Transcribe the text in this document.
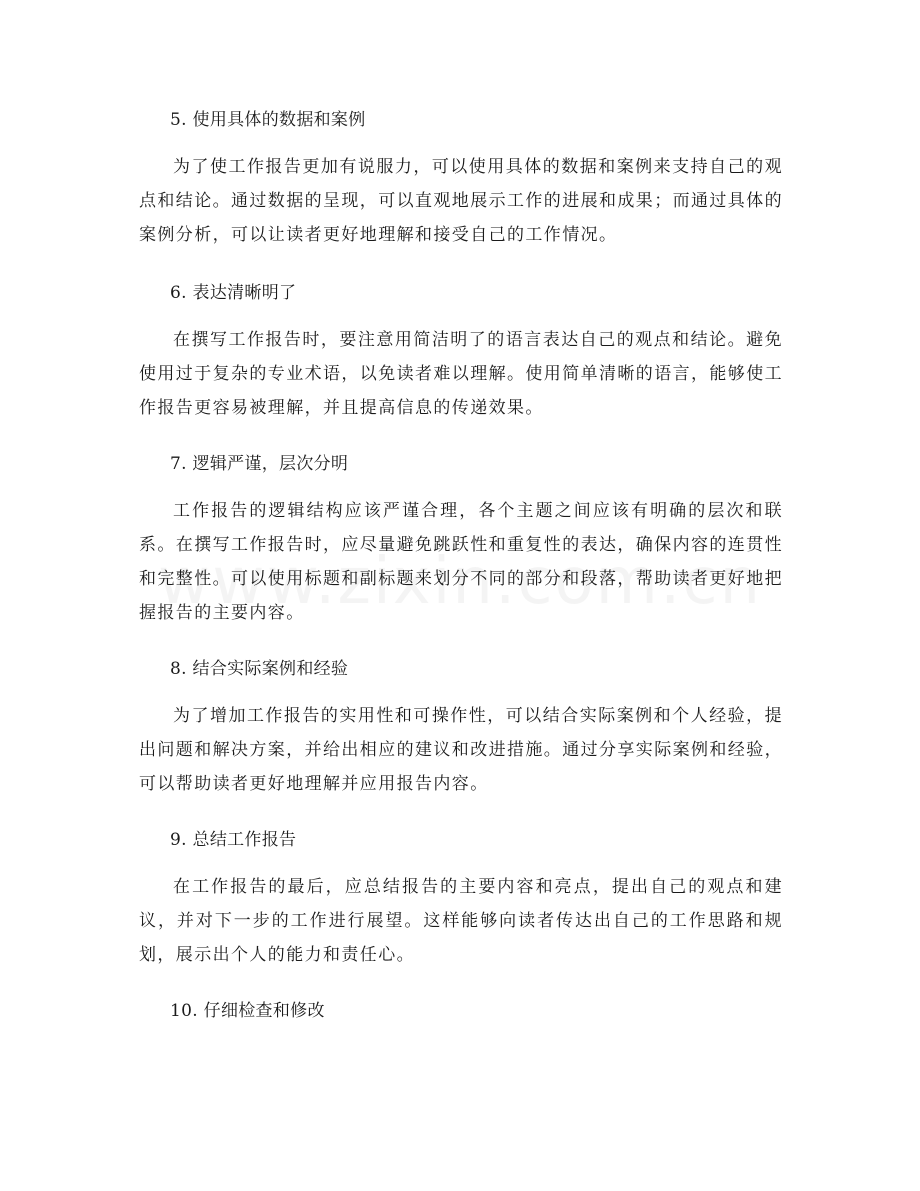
5. 使用具体的数据和案例

为了使工作报告更加有说服力，可以使用具体的数据和案例来支持自己的观点和结论。通过数据的呈现，可以直观地展示工作的进展和成果；而通过具体的案例分析，可以让读者更好地理解和接受自己的工作情况。

6. 表达清晰明了

在撰写工作报告时，要注意用简洁明了的语言表达自己的观点和结论。避免使用过于复杂的专业术语，以免读者难以理解。使用简单清晰的语言，能够使工作报告更容易被理解，并且提高信息的传递效果。

7. 逻辑严谨，层次分明

工作报告的逻辑结构应该严谨合理，各个主题之间应该有明确的层次和联系。在撰写工作报告时，应尽量避免跳跃性和重复性的表达，确保内容的连贯性和完整性。可以使用标题和副标题来划分不同的部分和段落，帮助读者更好地把握报告的主要内容。

8. 结合实际案例和经验

为了增加工作报告的实用性和可操作性，可以结合实际案例和个人经验，提出问题和解决方案，并给出相应的建议和改进措施。通过分享实际案例和经验，可以帮助读者更好地理解并应用报告内容。

9. 总结工作报告

在工作报告的最后，应总结报告的主要内容和亮点，提出自己的观点和建议，并对下一步的工作进行展望。这样能够向读者传达出自己的工作思路和规划，展示出个人的能力和责任心。

10. 仔细检查和修改
